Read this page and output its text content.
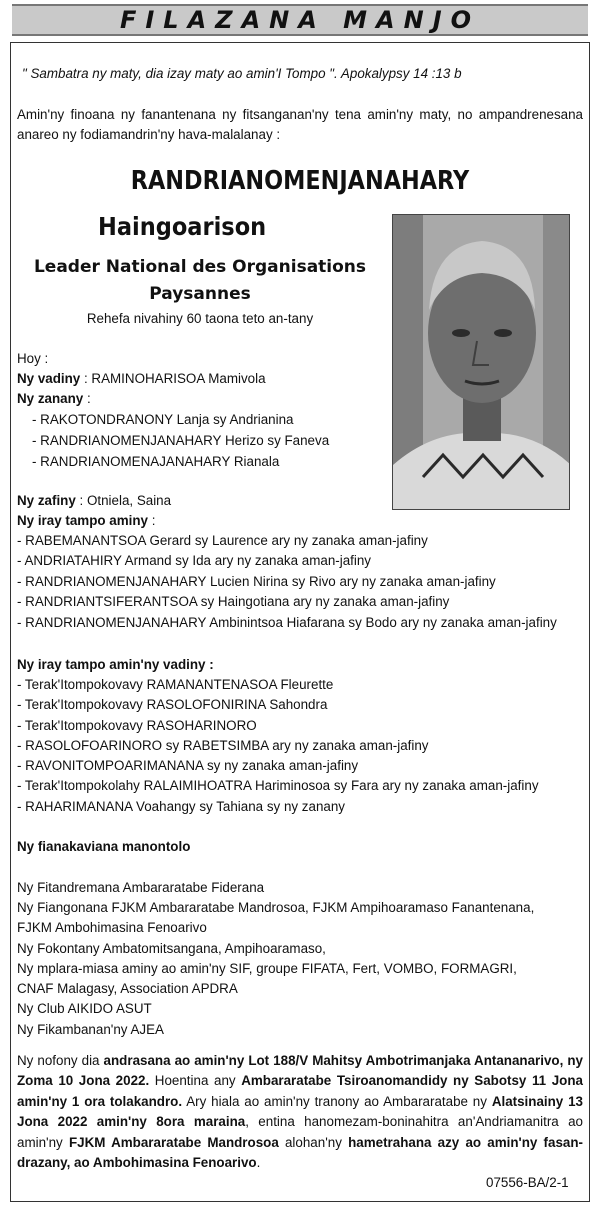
FILAZANA MANJO
" Sambatra ny maty, dia izay maty ao amin'I Tompo ". Apokalypsy 14 :13 b
Amin'ny finoana ny fanantenana ny fitsanganan'ny tena amin'ny maty, no ampandrenesana anareo ny fodiamandrin'ny hava-malalanay :
RANDRIANOMENJANAHARY
Haingoarison
Leader National des Organisations
Paysannes
Rehefa nivahiny 60 taona teto an-tany
Hoy :
Ny vadiny : RAMINOHARISOA Mamivola
Ny zanany :
- RAKOTONDRANONY Lanja sy Andrianina
- RANDRIANOMENJANAHARY Herizo sy Faneva
- RANDRIANOMENAJANAHARY Rianala
Ny zafiny : Otniela, Saina
Ny iray tampo aminy :
- RABEMANANTSOA Gerard sy Laurence ary ny zanaka aman-jafiny
- ANDRIATAHIRY Armand sy Ida ary ny zanaka aman-jafiny
- RANDRIANOMENJANAHARY Lucien Nirina sy Rivo ary ny zanaka aman-jafiny
- RANDRIANTSIFERANTSOA sy Haingotiana ary ny zanaka aman-jafiny
- RANDRIANOMENJANAHARY Ambinintsoa Hiafarana sy Bodo ary ny zanaka aman-jafiny
Ny iray tampo amin'ny vadiny :
- Terak'Itompokovavy RAMANANTENASOA Fleurette
- Terak'Itompokovavy RASOLOFONIRINA Sahondra
- Terak'Itompokovavy RASOHARINORO
- RASOLOFOARINORO sy RABETSIMBA ary ny zanaka aman-jafiny
- RAVONITOMPOARIMANANA sy ny zanaka aman-jafiny
- Terak'Itompokolahy RALAIMIHOATRA Hariminosoa sy Fara ary ny zanaka aman-jafiny
- RAHARIMANANA Voahangy sy Tahiana sy ny zanany
Ny fianakaviana manontolo
Ny Fitandremana Ambararatabe Fiderana
Ny Fiangonana FJKM Ambararatabe Mandrosoa, FJKM Ampihoaramaso Fanantenana,
FJKM Ambohimasina Fenoarivo
Ny Fokontany Ambatomitsangana, Ampihoaramaso,
Ny mplara-miasa aminy ao amin'ny SIF, groupe FIFATA, Fert, VOMBO, FORMAGRI,
CNAF Malagasy, Association APDRA
Ny Club AIKIDO ASUT
Ny Fikambanan'ny AJEA
Ny nofony dia andrasana ao amin'ny Lot 188/V Mahitsy Ambotrimanjaka Antananarivo, ny Zoma 10 Jona 2022. Hoentina any Ambararatabe Tsiroanomandidy ny Sabotsy 11 Jona amin'ny 1 ora tolakandro. Ary hiala ao amin'ny tranony ao Ambararatabe ny Alatsinainy 13 Jona 2022 amin'ny 8ora maraina, entina hanomezam-boninahitra an'Andriamanitra ao amin'ny FJKM Ambararatabe Mandrosoa alohan'ny hametrahana azy ao amin'ny fasan-drazany, ao Ambohimasina Fenoarivo.
07556-BA/2-1
